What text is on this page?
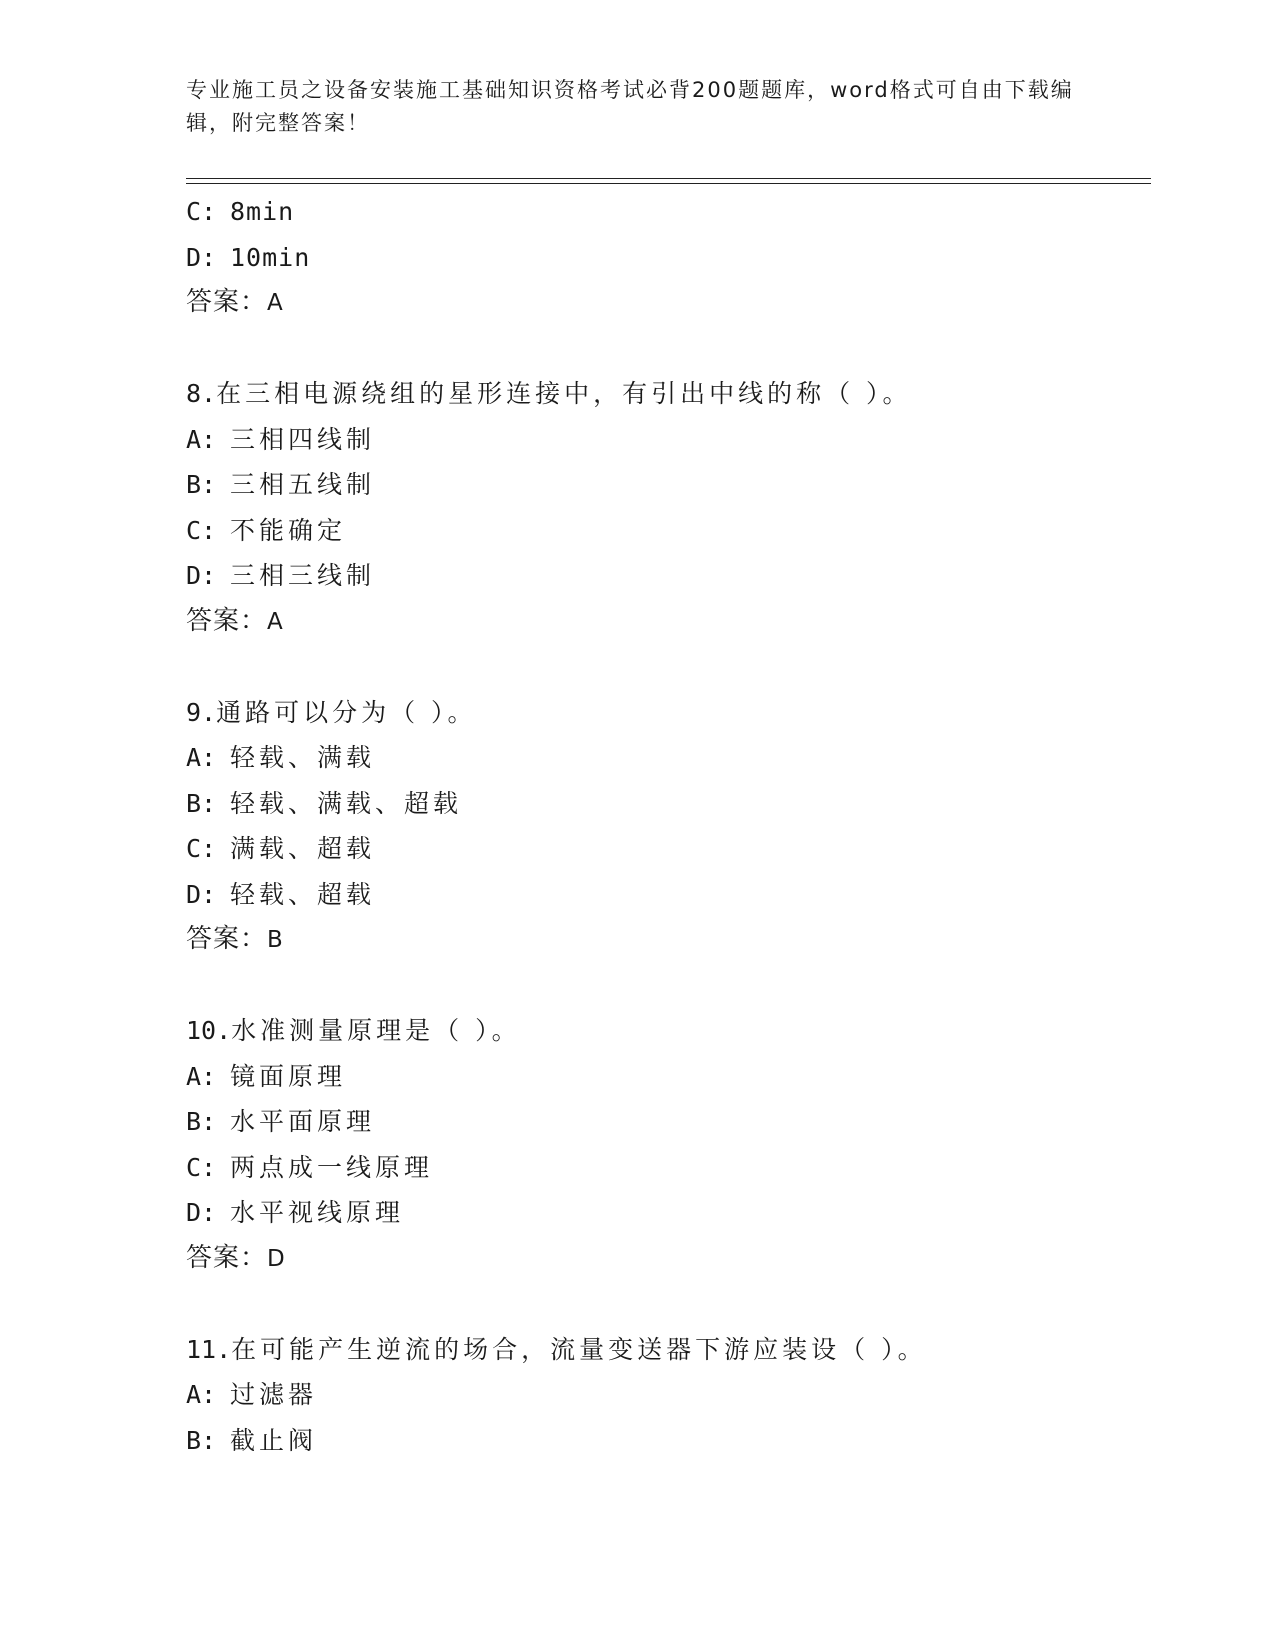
专业施工员之设备安装施工基础知识资格考试必背200题题库，word格式可自由下载编辑，附完整答案！
C: 8min
D: 10min
答案：A
8.在三相电源绕组的星形连接中，有引出中线的称（ ）。
A: 三相四线制
B: 三相五线制
C: 不能确定
D: 三相三线制
答案：A
9.通路可以分为（ ）。
A: 轻载、满载
B: 轻载、满载、超载
C: 满载、超载
D: 轻载、超载
答案：B
10.水准测量原理是（ ）。
A: 镜面原理
B: 水平面原理
C: 两点成一线原理
D: 水平视线原理
答案：D
11.在可能产生逆流的场合，流量变送器下游应装设（ ）。
A: 过滤器
B: 截止阀
